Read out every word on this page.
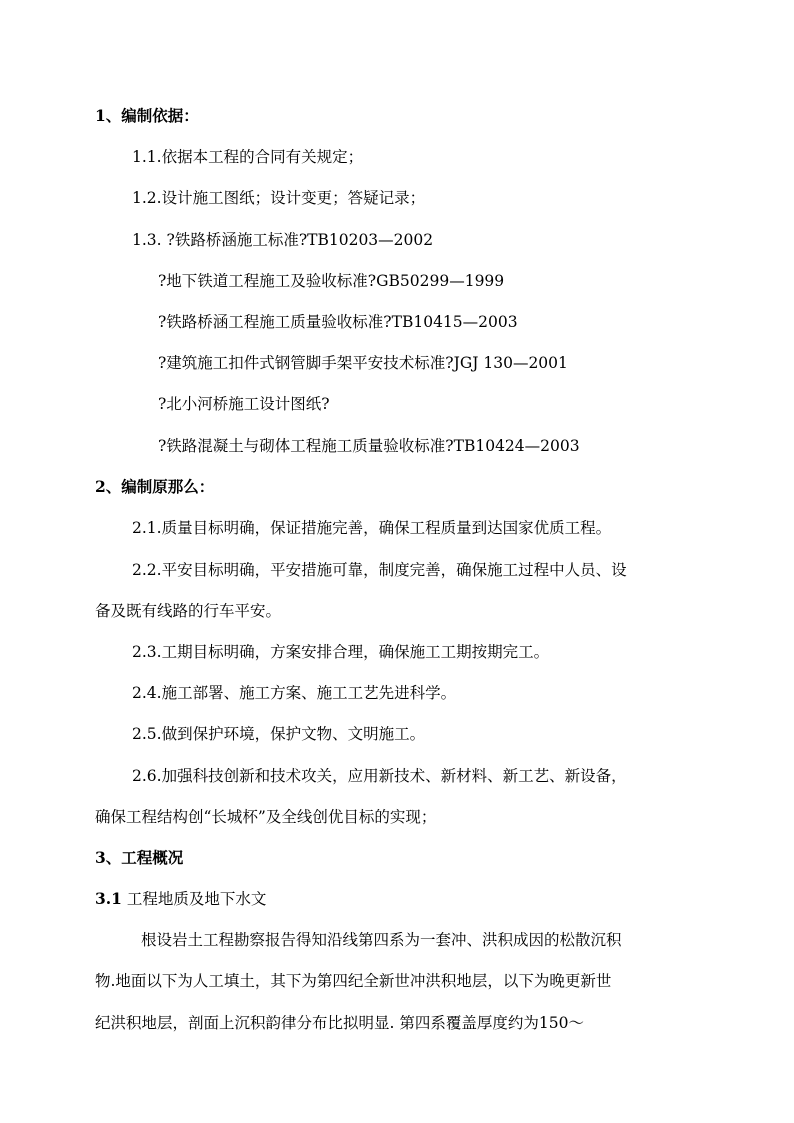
1、编制依据：
1.1.依据本工程的合同有关规定；
1.2.设计施工图纸；设计变更；答疑记录；
1.3. ?铁路桥涵施工标准?TB10203—2002
?地下铁道工程施工及验收标准?GB50299—1999
?铁路桥涵工程施工质量验收标准?TB10415—2003
?建筑施工扣件式钢管脚手架平安技术标准?JGJ 130—2001
?北小河桥施工设计图纸?
?铁路混凝土与砌体工程施工质量验收标准?TB10424—2003
2、编制原那么：
2.1.质量目标明确，保证措施完善，确保工程质量到达国家优质工程。
2.2.平安目标明确，平安措施可靠，制度完善，确保施工过程中人员、设
备及既有线路的行车平安。
2.3.工期目标明确，方案安排合理，确保施工工期按期完工。
2.4.施工部署、施工方案、施工工艺先进科学。
2.5.做到保护环境，保护文物、文明施工。
2.6.加强科技创新和技术攻关，应用新技术、新材料、新工艺、新设备，
确保工程结构创“长城杯”及全线创优目标的实现；
3、工程概况
3.1 工程地质及地下水文
根设岩土工程勘察报告得知沿线第四系为一套冲、洪积成因的松散沉积
物.地面以下为人工填土，其下为第四纪全新世冲洪积地层，以下为晚更新世
纪洪积地层，剖面上沉积韵律分布比拟明显. 第四系覆盖厚度约为150～
